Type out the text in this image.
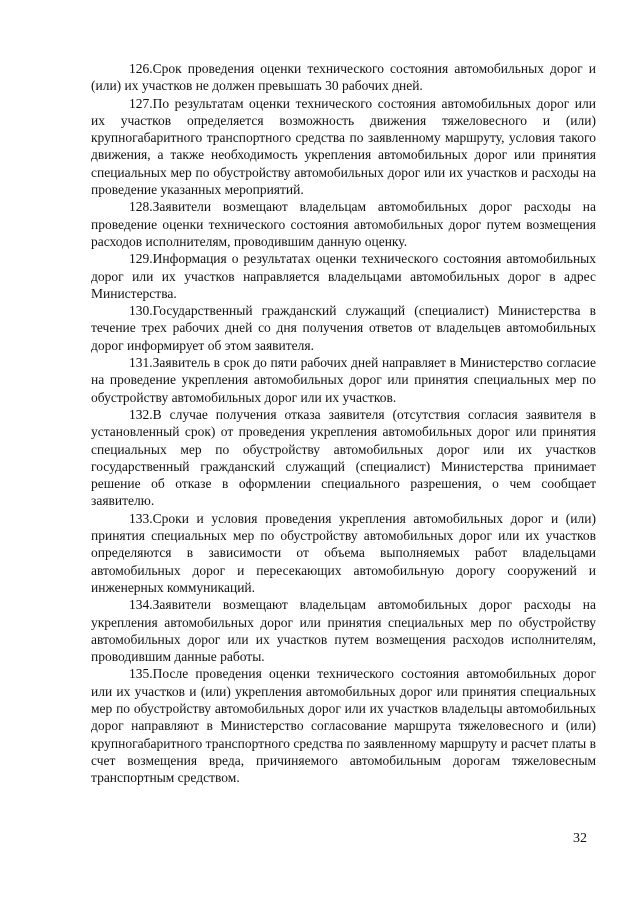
126.Срок проведения оценки технического состояния автомобильных дорог и (или) их участков не должен превышать 30 рабочих дней.

127.По результатам оценки технического состояния автомобильных дорог или их участков определяется возможность движения тяжеловесного и (или) крупногабаритного транспортного средства по заявленному маршруту, условия такого движения, а также необходимость укрепления автомобильных дорог или принятия специальных мер по обустройству автомобильных дорог или их участков и расходы на проведение указанных мероприятий.

128.Заявители возмещают владельцам автомобильных дорог расходы на проведение оценки технического состояния автомобильных дорог путем возмещения расходов исполнителям, проводившим данную оценку.

129.Информация о результатах оценки технического состояния автомобильных дорог или их участков направляется владельцами автомобильных дорог в адрес Министерства.

130.Государственный гражданский служащий (специалист) Министерства в течение трех рабочих дней со дня получения ответов от владельцев автомобильных дорог информирует об этом заявителя.

131.Заявитель в срок до пяти рабочих дней направляет в Министерство согласие на проведение укрепления автомобильных дорог или принятия специальных мер по обустройству автомобильных дорог или их участков.

132.В случае получения отказа заявителя (отсутствия согласия заявителя в установленный срок) от проведения укрепления автомобильных дорог или принятия специальных мер по обустройству автомобильных дорог или их участков государственный гражданский служащий (специалист) Министерства принимает решение об отказе в оформлении специального разрешения, о чем сообщает заявителю.

133.Сроки и условия проведения укрепления автомобильных дорог и (или) принятия специальных мер по обустройству автомобильных дорог или их участков определяются в зависимости от объема выполняемых работ владельцами автомобильных дорог и пересекающих автомобильную дорогу сооружений и инженерных коммуникаций.

134.Заявители возмещают владельцам автомобильных дорог расходы на укрепления автомобильных дорог или принятия специальных мер по обустройству автомобильных дорог или их участков путем возмещения расходов исполнителям, проводившим данные работы.

135.После проведения оценки технического состояния автомобильных дорог или их участков и (или) укрепления автомобильных дорог или принятия специальных мер по обустройству автомобильных дорог или их участков владельцы автомобильных дорог направляют в Министерство согласование маршрута тяжеловесного и (или) крупногабаритного транспортного средства по заявленному маршруту и расчет платы в счет возмещения вреда, причиняемого автомобильным дорогам тяжеловесным транспортным средством.

32
